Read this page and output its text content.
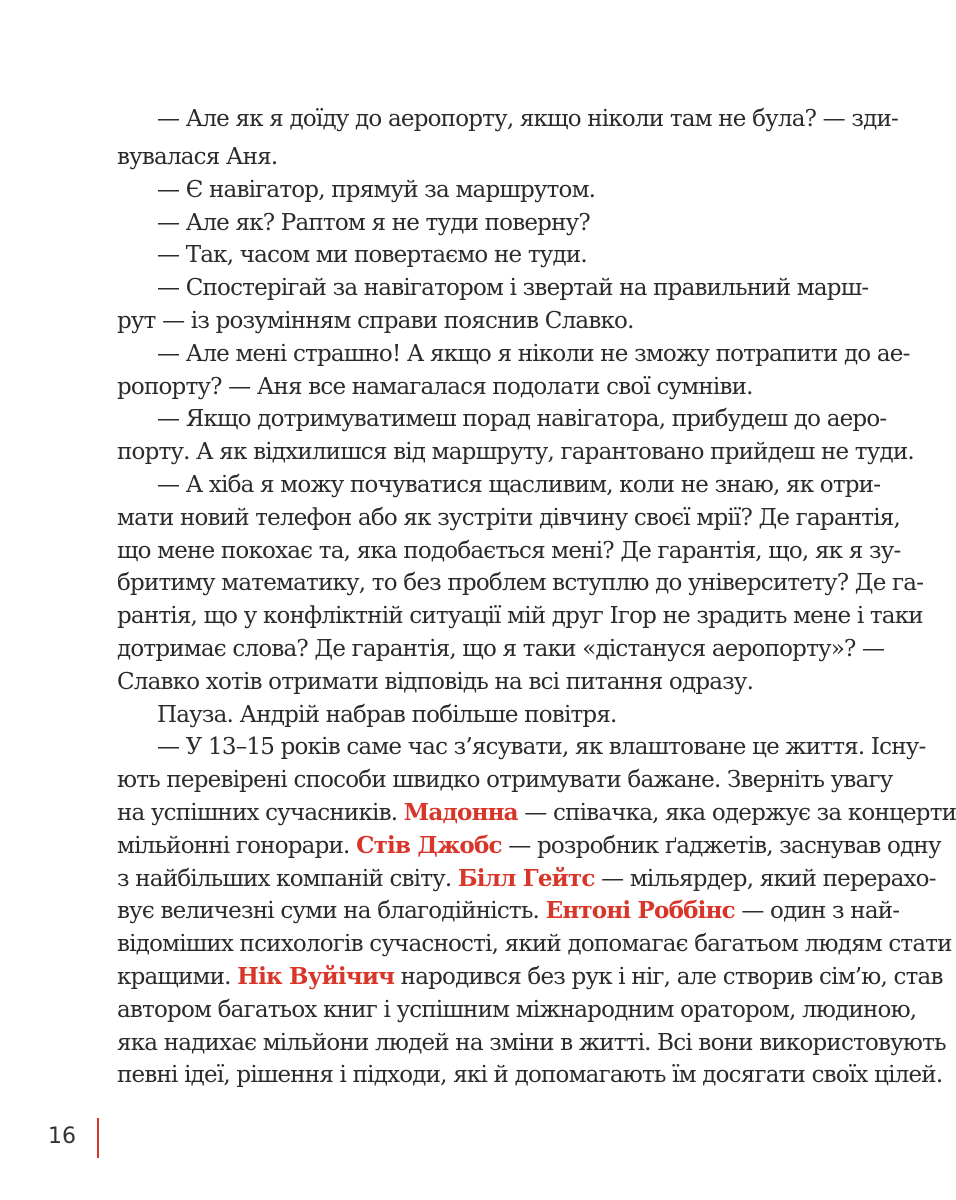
— Але як я доїду до аеропорту, якщо ніколи там не була? — зди-
вувалася Аня.
— Є навігатор, прямуй за маршрутом.
— Але як? Раптом я не туди поверну?
— Так, часом ми повертаємо не туди.
— Спостерігай за навігатором і звертай на правильний марш-
рут — із розумінням справи пояснив Славко.
— Але мені страшно! А якщо я ніколи не зможу потрапити до ае-
ропорту? — Аня все намагалася подолати свої сумніви.
— Якщо дотримуватимеш порад навігатора, прибудеш до аеро-
порту. А як відхилишся від маршруту, гарантовано прийдеш не туди.
— А хіба я можу почуватися щасливим, коли не знаю, як отри-
мати новий телефон або як зустріти дівчину своєї мрії? Де гарантія,
що мене покохає та, яка подобається мені? Де гарантія, що, як я зу-
бритиму математику, то без проблем вступлю до університету? Де га-
рантія, що у конфліктній ситуації мій друг Ігор не зрадить мене і таки
дотримає слова? Де гарантія, що я таки «дістануся аеропорту»? —
Славко хотів отримати відповідь на всі питання одразу.
Пауза. Андрій набрав побільше повітря.
— У 13–15 років саме час з’ясувати, як влаштоване це життя. Існу-
ють перевірені способи швидко отримувати бажане. Зверніть увагу
на успішних сучасників. Мадонна — співачка, яка одержує за концерти
мільйонні гонорари. Стів Джобс — розробник ґаджетів, заснував одну
з найбільших компаній світу. Білл Гейтс — мільярдер, який перерахо-
вує величезні суми на благодійність. Ентоні Роббінс — один з най-
відоміших психологів сучасності, який допомагає багатьом людям стати
кращими. Нік Вуйічич народився без рук і ніг, але створив сім’ю, став
автором багатьох книг і успішним міжнародним оратором, людиною,
яка надихає мільйони людей на зміни в житті. Всі вони використовують
певні ідеї, рішення і підходи, які й допомагають їм досягати своїх цілей.
16
